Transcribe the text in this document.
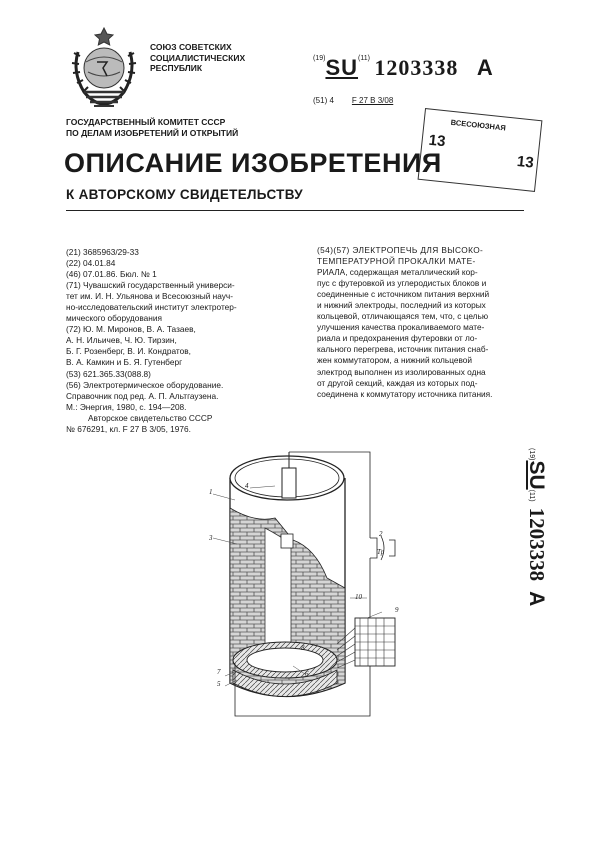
СОЮЗ СОВЕТСКИХ
СОЦИАЛИСТИЧЕСКИХ
РЕСПУБЛИК
$^{(19)}$SU$^{(11)}$ 1203338 A
(51) 4 F 27 B 3/08
ВСЕСОЮЗНАЯ
13
13
ГОСУДАРСТВЕННЫЙ КОМИТЕТ СССР
ПО ДЕЛАМ ИЗОБРЕТЕНИЙ И ОТКРЫТИЙ
ОПИСАНИЕ ИЗОБРЕТЕНИЯ
К АВТОРСКОМУ СВИДЕТЕЛЬСТВУ
(21) 3685963/29-33
(22) 04.01.84
(46) 07.01.86. Бюл. № 1
(71) Чувашский государственный универси-
тет им. И. Н. Ульянова и Всесоюзный науч-
но-исследовательский институт электротер-
мического оборудования
(72) Ю. М. Миронов, В. А. Тазаев,
А. Н. Ильичев, Ч. Ю. Тирзин,
Б. Г. Розенберг, В. И. Кондратов,
В. А. Камкин и Б. Я. Гутенберг
(53) 621.365.33(088.8)
(56) Электротермическое оборудование.
Справочник под ред. А. П. Альтгаузена.
М.: Энергия, 1980, с. 194—208.
Авторское свидетельство СССР
№ 676291, кл. F 27 B 3/05, 1976.
(54)(57) ЭЛЕКТРОПЕЧЬ ДЛЯ ВЫСОКО-
ТЕМПЕРАТУРНОЙ ПРОКАЛКИ МАТЕ-
РИАЛА, содержащая металлический кор-
пус с футеровкой из углеродистых блоков и
соединенные с источником питания верхний
и нижний электроды, последний из которых
кольцевой, отличающаяся тем, что, с целью
улучшения качества прокаливаемого мате-
риала и предохранения футеровки от ло-
кального перегрева, источник питания снаб-
жен коммутатором, а нижний кольцевой
электрод выполнен из изолированных одна
от другой секций, каждая из которых под-
соединена к коммутатору источника питания.
(19)SU(11)1203338A
1
3
4
5
7	6
2
Тр
9
10
8
